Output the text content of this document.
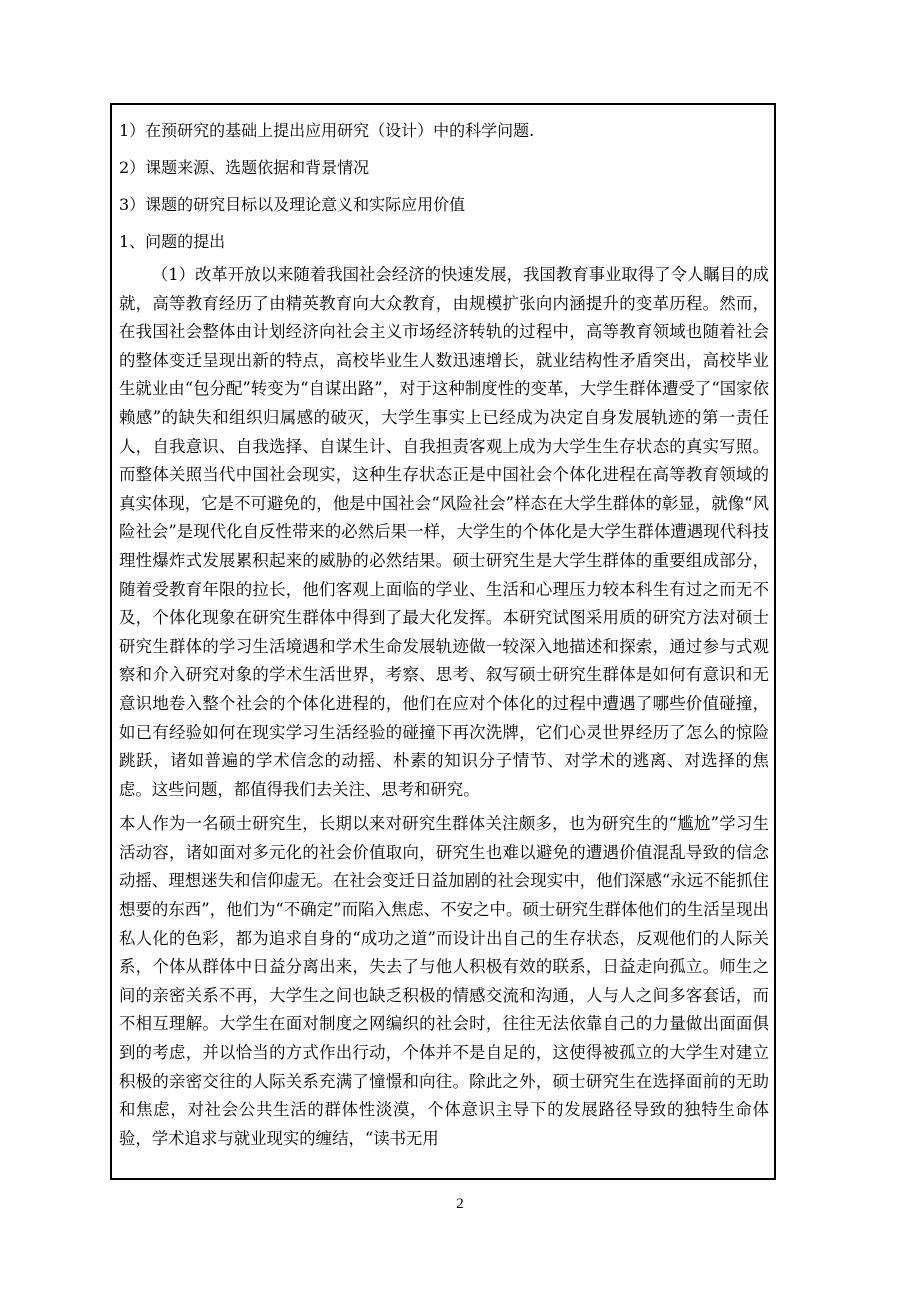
1）在预研究的基础上提出应用研究（设计）中的科学问题.
2）课题来源、选题依据和背景情况
3）课题的研究目标以及理论意义和实际应用价值
1、问题的提出

（1）改革开放以来随着我国社会经济的快速发展，我国教育事业取得了令人瞩目的成就，高等教育经历了由精英教育向大众教育，由规模扩张向内涵提升的变革历程。然而，在我国社会整体由计划经济向社会主义市场经济转轨的过程中，高等教育领域也随着社会的整体变迁呈现出新的特点，高校毕业生人数迅速增长，就业结构性矛盾突出，高校毕业生就业由“包分配”转变为“自谋出路”，对于这种制度性的变革，大学生群体遭受了“国家依赖感”的缺失和组织归属感的破灭，大学生事实上已经成为决定自身发展轨迹的第一责任人，自我意识、自我选择、自谋生计、自我担责客观上成为大学生生存状态的真实写照。而整体关照当代中国社会现实，这种生存状态正是中国社会个体化进程在高等教育领域的真实体现，它是不可避免的，他是中国社会“风险社会”样态在大学生群体的彰显，就像“风险社会”是现代化自反性带来的必然后果一样，大学生的个体化是大学生群体遭遇现代科技理性爆炸式发展累积起来的威胁的必然结果。硕士研究生是大学生群体的重要组成部分，随着受教育年限的拉长，他们客观上面临的学业、生活和心理压力较本科生有过之而无不及，个体化现象在研究生群体中得到了最大化发挥。本研究试图采用质的研究方法对硕士研究生群体的学习生活境遇和学术生命发展轨迹做一较深入地描述和探索，通过参与式观察和介入研究对象的学术生活世界，考察、思考、叙写硕士研究生群体是如何有意识和无意识地卷入整个社会的个体化进程的，他们在应对个体化的过程中遭遇了哪些价值碰撞，如已有经验如何在现实学习生活经验的碰撞下再次洗牌，它们心灵世界经历了怎么的惊险跳跃，诸如普遍的学术信念的动摇、朴素的知识分子情节、对学术的逃离、对选择的焦虑。这些问题，都值得我们去关注、思考和研究。

本人作为一名硕士研究生，长期以来对研究生群体关注颇多，也为研究生的“尴尬”学习生活动容，诸如面对多元化的社会价值取向，研究生也难以避免的遭遇价值混乱导致的信念动摇、理想迷失和信仰虚无。在社会变迁日益加剧的社会现实中，他们深感“永远不能抓住想要的东西”，他们为“不确定”而陷入焦虑、不安之中。硕士研究生群体他们的生活呈现出私人化的色彩，都为追求自身的“成功之道”而设计出自己的生存状态，反观他们的人际关系，个体从群体中日益分离出来，失去了与他人积极有效的联系，日益走向孤立。师生之间的亲密关系不再，大学生之间也缺乏积极的情感交流和沟通，人与人之间多客套话，而不相互理解。大学生在面对制度之网编织的社会时，往往无法依靠自己的力量做出面面俱到的考虑，并以恰当的方式作出行动，个体并不是自足的，这使得被孤立的大学生对建立积极的亲密交往的人际关系充满了憧憬和向往。除此之外，硕士研究生在选择面前的无助和焦虑，对社会公共生活的群体性淡漠，个体意识主导下的发展路径导致的独特生命体验，学术追求与就业现实的缠结，“读书无用

2
